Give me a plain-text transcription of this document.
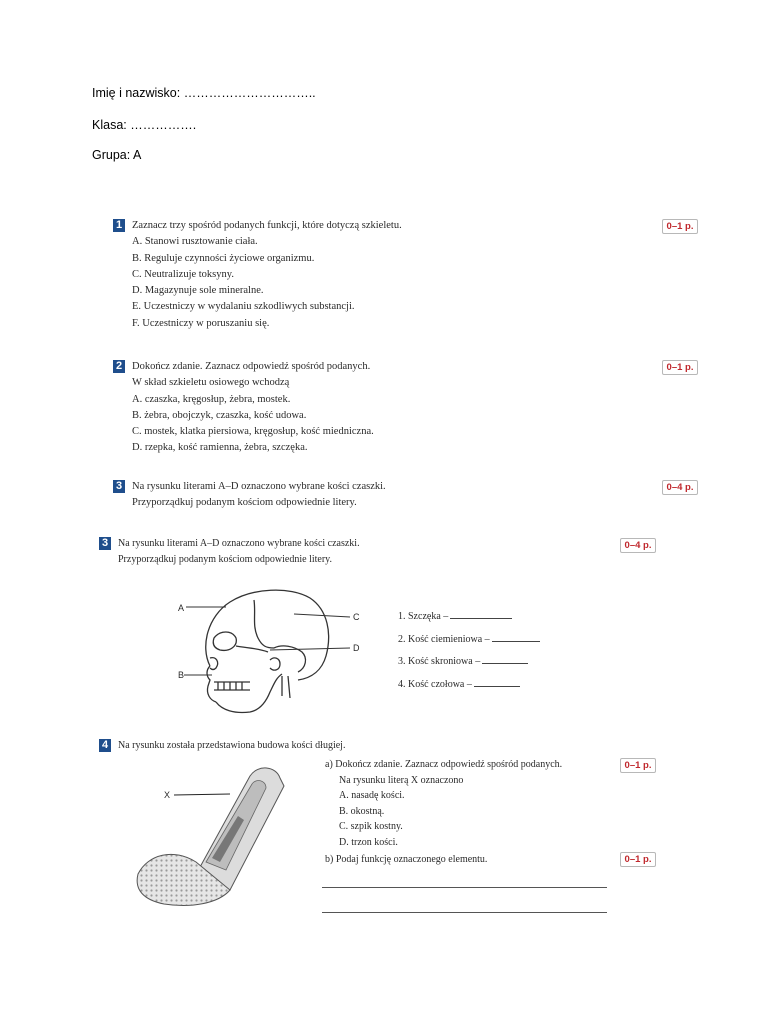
Imię i nazwisko: …………………………..
Klasa: …………….
Grupa: A
1	0–1 p.
Zaznacz trzy spośród podanych funkcji, które dotyczą szkieletu.
A. Stanowi rusztowanie ciała.
B. Reguluje czynności życiowe organizmu.
C. Neutralizuje toksyny.
D. Magazynuje sole mineralne.
E. Uczestniczy w wydalaniu szkodliwych substancji.
F. Uczestniczy w poruszaniu się.
2	0–1 p.
Dokończ zdanie. Zaznacz odpowiedź spośród podanych.
W skład szkieletu osiowego wchodzą
A. czaszka, kręgosłup, żebra, mostek.
B. żebra, obojczyk, czaszka, kość udowa.
C. mostek, klatka piersiowa, kręgosłup, kość miedniczna.
D. rzepka, kość ramienna, żebra, szczęka.
3	0–4 p.
Na rysunku literami A–D oznaczono wybrane kości czaszki.
Przyporządkuj podanym kościom odpowiednie litery.
3	0–4 p.
Na rysunku literami A–D oznaczono wybrane kości czaszki.
Przyporządkuj podanym kościom odpowiednie litery.
A
B
C
D
1. Szczęka –
2. Kość ciemieniowa –
3. Kość skroniowa –
4. Kość czołowa –
4 Na rysunku została przedstawiona budowa kości długiej.
X
0–1 p.
a) Dokończ zdanie. Zaznacz odpowiedź spośród podanych.
Na rysunku literą X oznaczono
A. nasadę kości.
B. okostną.
C. szpik kostny.
D. trzon kości.
0–1 p.
b) Podaj funkcję oznaczonego elementu.
